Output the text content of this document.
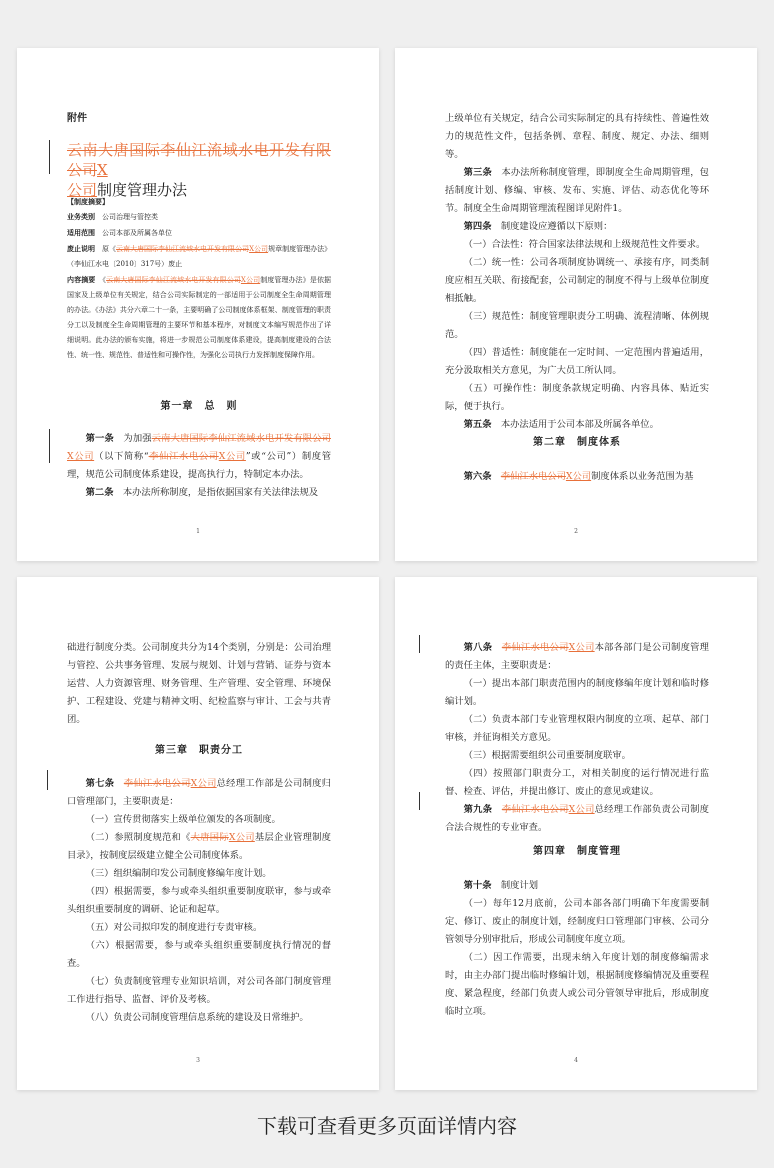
附件
云南大唐国际李仙江流域水电开发有限公司X
公司制度管理办法

【制度摘要】

业务类别　 公司治理与管控类

适用范围　 公司本部及所属各单位

废止说明　 原《云南大唐国际李仙江流域水电开发有限公司X公司规章制度管理办法》（李仙江水电〔2010〕317号）废止

内容摘要　 《云南大唐国际李仙江流域水电开发有限公司X公司制度管理办法》是依据国家及上级单位有关规定，结合公司实际制定的一部适用于公司制度全生命周期管理的办法。《办法》共分六章二十一条，主要明确了公司制度体系框架、制度管理的职责分工以及制度全生命周期管理的主要环节和基本程序，对制度文本编写规范作出了详细说明。此办法的颁布实施，将进一步规范公司制度体系建设，提高制度建设的合法性、统一性、规范性、普适性和可操作性，为强化公司执行力发挥制度保障作用。

第一章　总　则

第一条　 为加强云南大唐国际李仙江流域水电开发有限公司X公司（以下简称“李仙江水电公司X公司”或“公司”）制度管理，规范公司制度体系建设，提高执行力，特制定本办法。

第二条　 本办法所称制度，是指依据国家有关法律法规及

1

上级单位有关规定，结合公司实际制定的具有持续性、普遍性效力的规范性文件，包括条例、章程、制度、规定、办法、细则等。

第三条　 本办法所称制度管理，即制度全生命周期管理，包括制度计划、修编、审核、发布、实施、评估、动态优化等环节。制度全生命周期管理流程图详见附件1。

第四条　 制度建设应遵循以下原则：

（一）合法性：符合国家法律法规和上级规范性文件要求。

（二）统一性：公司各项制度协调统一、承接有序，同类制度应相互关联、衔接配套，公司制定的制度不得与上级单位制度相抵触。

（三）规范性：制度管理职责分工明确、流程清晰、体例规范。

（四）普适性：制度能在一定时间、一定范围内普遍适用，充分汲取相关方意见，为广大员工所认同。

（五）可操作性：制度条款规定明确、内容具体、贴近实际，便于执行。

第五条　 本办法适用于公司本部及所属各单位。

第二章　制度体系

第六条　 李仙江水电公司X公司制度体系以业务范围为基

2

础进行制度分类。公司制度共分为14个类别，分别是：公司治理与管控、公共事务管理、发展与规划、计划与营销、证券与资本运营、人力资源管理、财务管理、生产管理、安全管理、环境保护、工程建设、党建与精神文明、纪检监察与审计、工会与共青团。

第三章　职责分工

第七条　 李仙江水电公司X公司总经理工作部是公司制度归口管理部门，主要职责是：

（一）宣传贯彻落实上级单位颁发的各项制度。

（二）参照制度规范和《大唐国际X公司基层企业管理制度目录》，按制度层级建立健全公司制度体系。

（三）组织编制印发公司制度修编年度计划。

（四）根据需要，参与或牵头组织重要制度联审，参与或牵头组织重要制度的调研、论证和起草。

（五）对公司拟印发的制度进行专责审核。

（六）根据需要，参与或牵头组织重要制度执行情况的督查。

（七）负责制度管理专业知识培训，对公司各部门制度管理工作进行指导、监督、评价及考核。

（八）负责公司制度管理信息系统的建设及日常维护。

3

第八条　 李仙江水电公司X公司本部各部门是公司制度管理的责任主体，主要职责是：

（一）提出本部门职责范围内的制度修编年度计划和临时修编计划。

（二）负责本部门专业管理权限内制度的立项、起草、部门审核，并征询相关方意见。

（三）根据需要组织公司重要制度联审。

（四）按照部门职责分工，对相关制度的运行情况进行监督、检查、评估，并提出修订、废止的意见或建议。

第九条　 李仙江水电公司X公司总经理工作部负责公司制度合法合规性的专业审查。

第四章　制度管理

第十条　 制度计划

（一）每年12月底前，公司本部各部门明确下年度需要制定、修订、废止的制度计划，经制度归口管理部门审核、公司分管领导分别审批后，形成公司制度年度立项。

（二）因工作需要，出现未纳入年度计划的制度修编需求时，由主办部门提出临时修编计划，根据制度修编情况及重要程度、紧急程度，经部门负责人或公司分管领导审批后，形成制度临时立项。

4
下载可查看更多页面详情内容
